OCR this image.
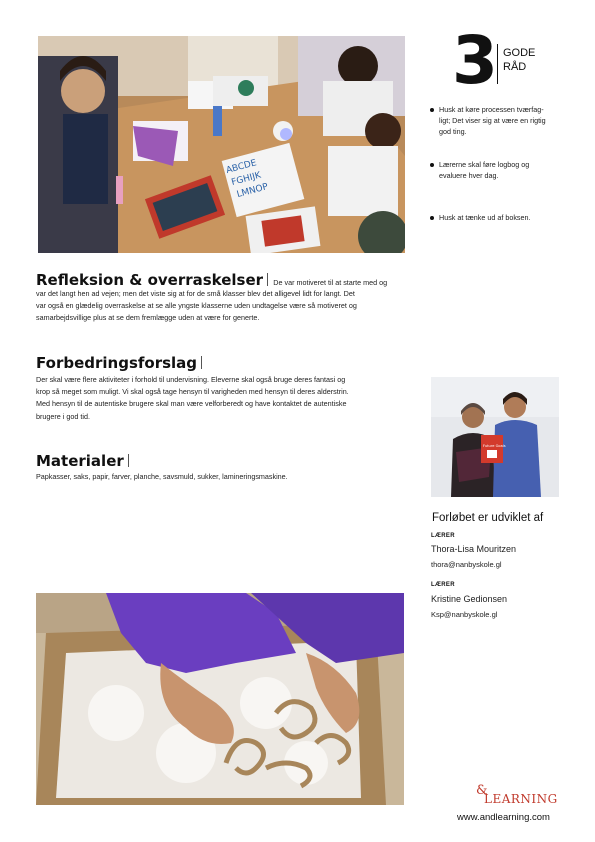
ABCDE
FGHIJK
LMNOP
3 GODE
RÅD
Husk at køre processen tværfag-
ligt; Det viser sig at være en rigtig
god ting.
Lærerne skal føre logbog og
evaluere hver dag.
Husk at tænke ud af boksen.
Refleksion & overraskelser De var motiveret til at starte med og
var det langt hen ad vejen; men det viste sig at for de små klasser blev det alligevel lidt for langt. Det
var også en glædelig overraskelse at se alle yngste klasserne uden undtagelse være så motiveret og
samarbejdsvillige plus at se dem fremlægge uden at være for generte.
Forbedringsforslag
Der skal være flere aktiviteter i forhold til undervisning. Eleverne skal også bruge deres fantasi og
krop så meget som muligt. Vi skal også tage hensyn til varigheden med hensyn til deres alderstrin.
Med hensyn til de autentiske brugere skal man være velforberedt og have kontaktet de autentiske
brugere i god tid.
Materialer
Papkasser, saks, papir, farver, planche, savsmuld, sukker, lamineringsmaskine.
Future Goals
Forløbet er udviklet af
LÆRER
Thora-Lisa Mouritzen
thora@nanbyskole.gl
LÆRER
Kristine Gedionsen
Ksp@nanbyskole.gl
&
LEARNING
www.andlearning.com
